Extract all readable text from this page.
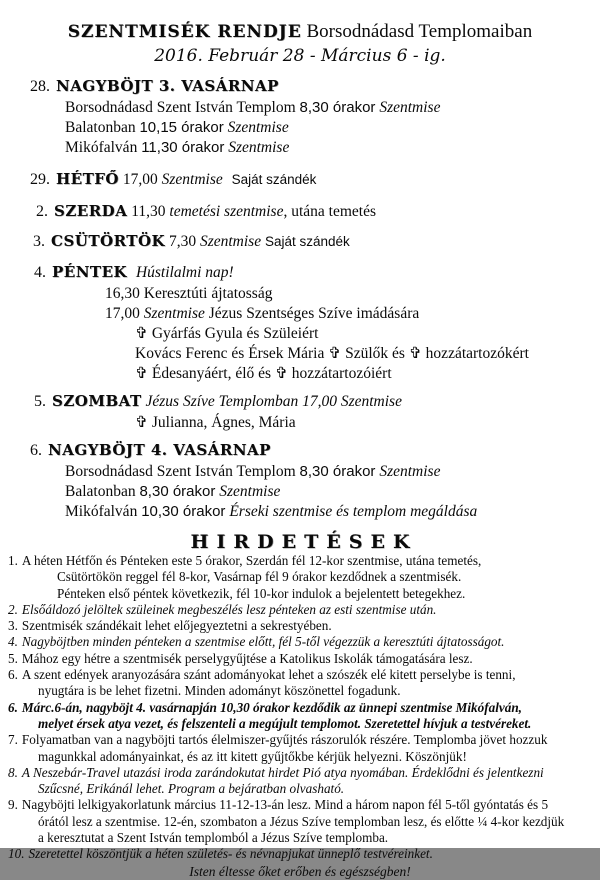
SZENTMISÉK RENDJE Borsodnádasd Templomaiban
2016. Február 28 - Március 6 - ig.
28. NAGYBÖJT 3. VASÁRNAP
Borsodnádasd Szent István Templom 8,30 órakor Szentmise
Balatonban 10,15 órakor Szentmise
Mikófalván 11,30 órakor Szentmise
29. HÉTFŐ 17,00 Szentmise Saját szándék
2. SZERDA 11,30 temetési szentmise, utána temetés
3. CSÜTÖRTÖK 7,30 Szentmise Saját szándék
4. PÉNTEK Hústilalmi nap!
16,30 Keresztúti ájtatosság
17,00 Szentmise Jézus Szentséges Szíve imádására
✞ Gyárfás Gyula és Szüleiért
Kovács Ferenc és Érsek Mária ✞ Szülők és ✞ hozzátartozókért
✞ Édesanyáért, élő és ✞ hozzátartozóiért
5. SZOMBAT Jézus Szíve Templomban 17,00 Szentmise
✞ Julianna, Ágnes, Mária
6. NAGYBÖJT 4. VASÁRNAP
Borsodnádasd Szent István Templom 8,30 órakor Szentmise
Balatonban 8,30 órakor Szentmise
Mikófalván 10,30 órakor Érseki szentmise és templom megáldása
HIRDETÉSEK
1. A héten Hétfőn és Pénteken este 5 órakor, Szerdán fél 12-kor szentmise, utána temetés,
Csütörtökön reggel fél 8-kor, Vasárnap fél 9 órakor kezdődnek a szentmisék.
Pénteken első péntek következik, fél 10-kor indulok a bejelentett betegekhez.
2. Elsőáldozó jelöltek szüleinek megbeszélés lesz pénteken az esti szentmise után.
3. Szentmisék szándékait lehet előjegyeztetni a sekrestyében.
4. Nagyböjtben minden pénteken a szentmise előtt, fél 5-től végezzük a keresztúti ájtatosságot.
5. Mához egy hétre a szentmisék perselygyűjtése a Katolikus Iskolák támogatására lesz.
6. A szent edények aranyozására szánt adományokat lehet a szószék elé kitett perselybe is tenni,
nyugtára is be lehet fizetni. Minden adományt köszönettel fogadunk.
6. Márc.6-án, nagyböjt 4. vasárnapján 10,30 órakor kezdődik az ünnepi szentmise Mikófalván,
melyet érsek atya vezet, és felszenteli a megújult templomot. Szeretettel hívjuk a testvéreket.
7. Folyamatban van a nagyböjti tartós élelmiszer-gyűjtés rászorulók részére. Templomba jövet hozzuk
magunkkal adományainkat, és az itt kitett gyűjtőkbe kérjük helyezni. Köszönjük!
8. A Neszebár-Travel utazási iroda zarándokutat hirdet Pió atya nyomában. Érdeklődni és jelentkezni
Szűcsné, Erikánál lehet. Program a bejáratban olvasható.
9. Nagyböjti lelkigyakorlatunk március 11-12-13-án lesz. Mind a három napon fél 5-től gyóntatás és 5
órától lesz a szentmise. 12-én, szombaton a Jézus Szíve templomban lesz, és előtte ¼ 4-kor kezdjük
a keresztutat a Szent István templomból a Jézus Szíve templomba.
10. Szeretettel köszöntjük a héten születés- és névnapjukat ünneplő testvéreinket.
Isten éltesse őket erőben és egészségben!
